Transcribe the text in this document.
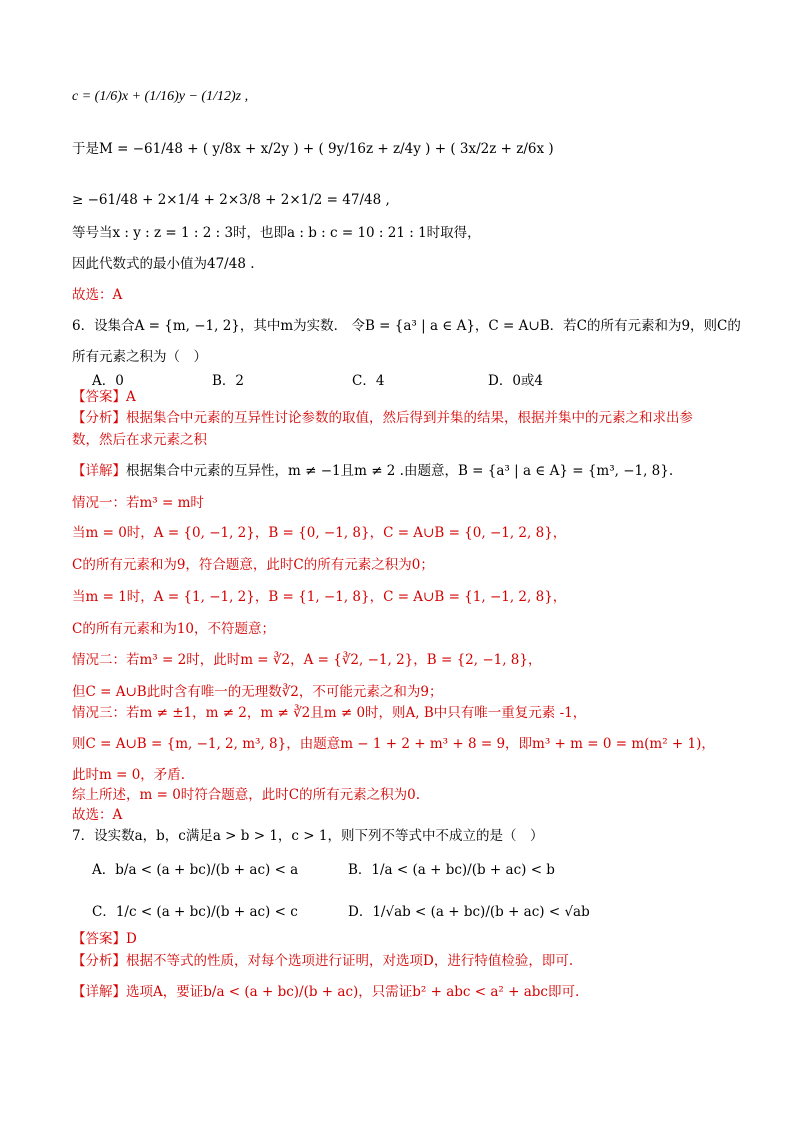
c = (1/6)x + (1/16)y − (1/12)z ,
于是M = −61/48 + ( y/8x + x/2y ) + ( 9y/16z + z/4y ) + ( 3x/2z + z/6x )
≥ −61/48 + 2×1/4 + 2×3/8 + 2×1/2 = 47/48 ,
等号当x : y : z = 1 : 2 : 3时，也即a : b : c = 10 : 21 : 1时取得，
因此代数式的最小值为47/48 .
故选：A
6．设集合A = {m, −1, 2}，其中m为实数． 令B = {a³ | a ∈ A}，C = A∪B．若C的所有元素和为9，则C的
所有元素之积为（　）
A．0	B．2	C．4	D．0或4
【答案】A
【分析】根据集合中元素的互异性讨论参数的取值，然后得到并集的结果，根据并集中的元素之和求出参
数，然后在求元素之积
【详解】根据集合中元素的互异性，m ≠ −1且m ≠ 2 .由题意，B = {a³ | a ∈ A} = {m³, −1, 8}.
情况一：若m³ = m时
当m = 0时，A = {0, −1, 2}，B = {0, −1, 8}，C = A∪B = {0, −1, 2, 8}，
C的所有元素和为9，符合题意，此时C的所有元素之积为0；
当m = 1时，A = {1, −1, 2}，B = {1, −1, 8}，C = A∪B = {1, −1, 2, 8}，
C的所有元素和为10，不符题意；
情况二：若m³ = 2时，此时m = ∛2，A = {∛2, −1, 2}，B = {2, −1, 8}，
但C = A∪B此时含有唯一的无理数∛2，不可能元素之和为9；
情况三：若m ≠ ±1，m ≠ 2，m ≠ ∛2且m ≠ 0时，则A, B中只有唯一重复元素 -1，
则C = A∪B = {m, −1, 2, m³, 8}，由题意m − 1 + 2 + m³ + 8 = 9，即m³ + m = 0 = m(m² + 1)，
此时m = 0，矛盾.
综上所述，m = 0时符合题意，此时C的所有元素之积为0.
故选：A
7．设实数a，b，c满足a > b > 1，c > 1，则下列不等式中不成立的是（　）
A．b/a < (a + bc)/(b + ac) < a	B．1/a < (a + bc)/(b + ac) < b
C．1/c < (a + bc)/(b + ac) < c	D．1/√ab < (a + bc)/(b + ac) < √ab
【答案】D
【分析】根据不等式的性质，对每个选项进行证明，对选项D，进行特值检验，即可.
【详解】选项A，要证b/a < (a + bc)/(b + ac)，只需证b² + abc < a² + abc即可.
